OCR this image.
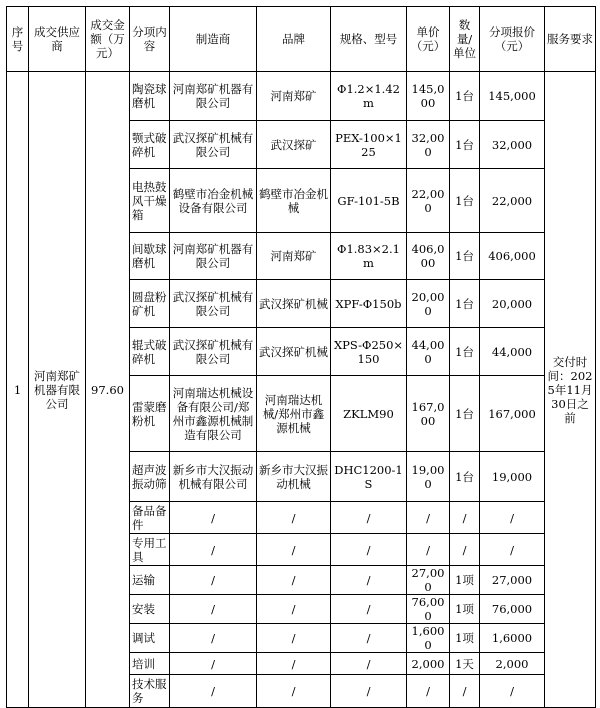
序号	成交供应商	成交金额（万元）	分项内容	制造商	品牌	规格、型号	单价（元）	数量/单位	分项报价（元）	服务要求
1	河南郑矿机器有限公司	97.60	陶瓷球磨机	河南郑矿机器有限公司	河南郑矿	Φ1.2×1.42m	145,000	1台	145,000	交付时间：2025年11月30日之前
			颚式破碎机	武汉探矿机械有限公司	武汉探矿	PEX-100×125	32,000	1台	32,000	
			电热鼓风干燥箱	鹤壁市冶金机械设备有限公司	鹤壁市冶金机械	GF-101-5B	22,000	1台	22,000	
			间歇球磨机	河南郑矿机器有限公司	河南郑矿	Φ1.83×2.1m	406,000	1台	406,000	
			圆盘粉矿机	武汉探矿机械有限公司	武汉探矿机械	XPF-Φ150b	20,000	1台	20,000	
			辊式破碎机	武汉探矿机械有限公司	武汉探矿机械	XPS-Φ250×150	44,000	1台	44,000	
			雷蒙磨粉机	河南瑞达机械设备有限公司/郑州市鑫源机械制造有限公司	河南瑞达机械/郑州市鑫源机械	ZKLM90	167,000	1台	167,000	
			超声波振动筛	新乡市大汉振动机械有限公司	新乡市大汉振动机械	DHC1200-1S	19,000	1台	19,000	
			备品备件	/	/	/	/	/	/	
			专用工具	/	/	/	/	/	/	
			运输	/	/	/	27,000	1项	27,000	
			安装	/	/	/	76,000	1项	76,000	
			调试	/	/	/	1,6000	1项	1,6000	
			培训	/	/	/	2,000	1天	2,000	
			技术服务	/	/	/	/	/	/	
